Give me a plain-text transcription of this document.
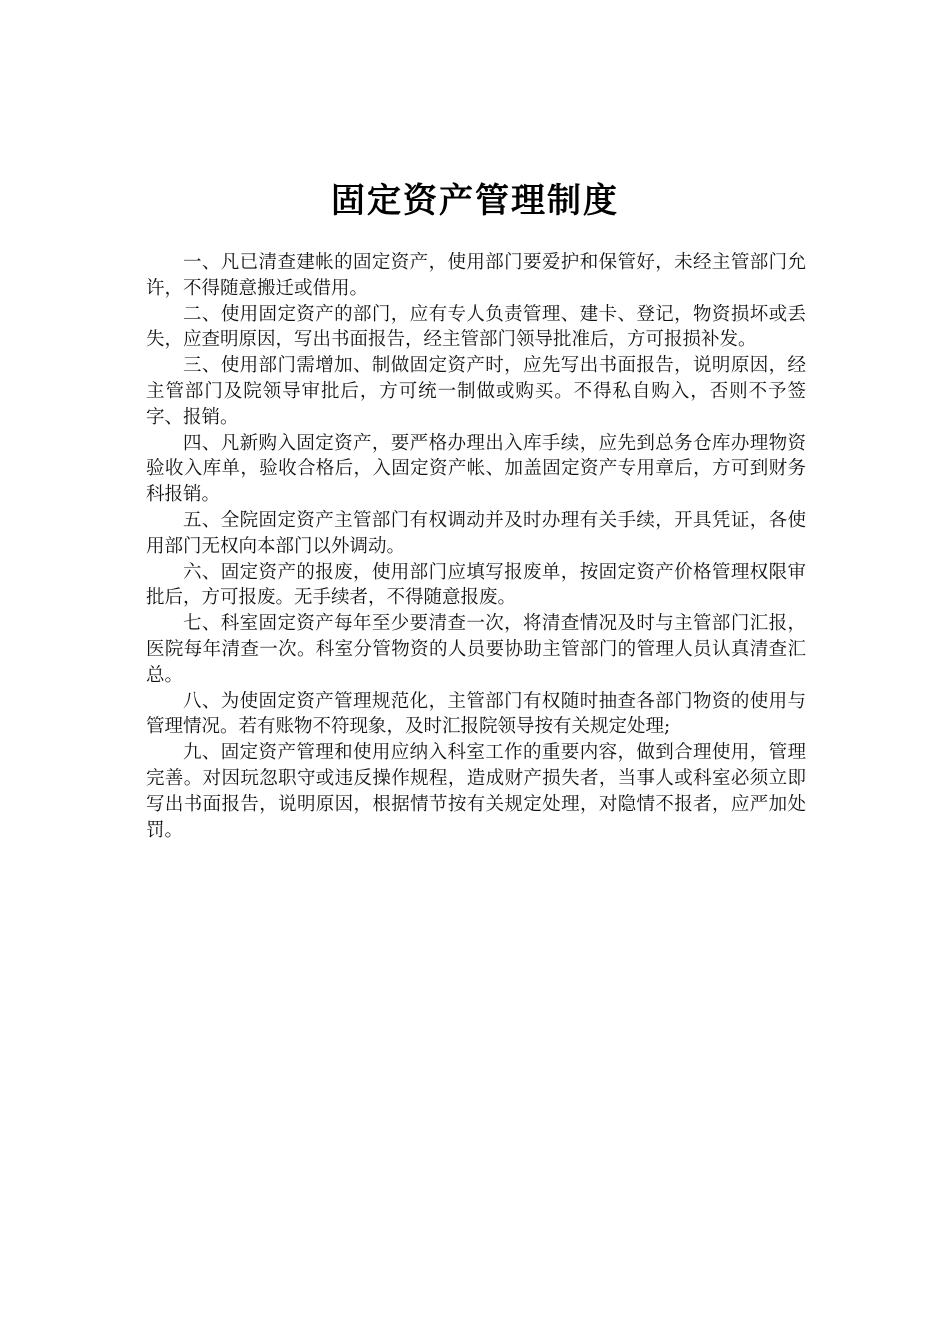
固定资产管理制度

一、凡已清查建帐的固定资产，使用部门要爱护和保管好，未经主管部门允许，不得随意搬迁或借用。

二、使用固定资产的部门，应有专人负责管理、建卡、登记，物资损坏或丢失，应查明原因，写出书面报告，经主管部门领导批准后，方可报损补发。

三、使用部门需增加、制做固定资产时，应先写出书面报告，说明原因，经主管部门及院领导审批后，方可统一制做或购买。不得私自购入，否则不予签字、报销。

四、凡新购入固定资产，要严格办理出入库手续，应先到总务仓库办理物资验收入库单，验收合格后，入固定资产帐、加盖固定资产专用章后，方可到财务科报销。

五、全院固定资产主管部门有权调动并及时办理有关手续，开具凭证，各使用部门无权向本部门以外调动。

六、固定资产的报废，使用部门应填写报废单，按固定资产价格管理权限审批后，方可报废。无手续者，不得随意报废。

七、科室固定资产每年至少要清查一次，将清查情况及时与主管部门汇报，医院每年清查一次。科室分管物资的人员要协助主管部门的管理人员认真清查汇总。

八、为使固定资产管理规范化，主管部门有权随时抽查各部门物资的使用与管理情况。若有账物不符现象，及时汇报院领导按有关规定处理;

九、固定资产管理和使用应纳入科室工作的重要内容，做到合理使用，管理完善。对因玩忽职守或违反操作规程，造成财产损失者，当事人或科室必须立即写出书面报告，说明原因，根据情节按有关规定处理，对隐情不报者，应严加处罚。
